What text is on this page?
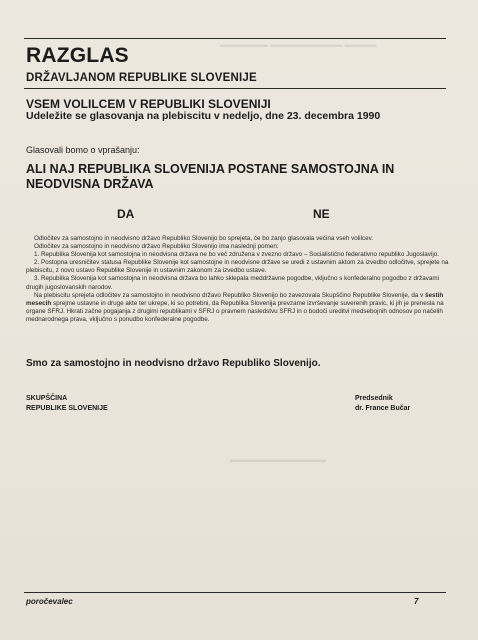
▬▬▬▬ ▬▬▬▬▬▬▬▬▬ ▬▬▬▬▬▬
▬▬▬▬▬▬▬▬▬▬▬▬
RAZGLAS
DRŽAVLJANOM REPUBLIKE SLOVENIJE
VSEM VOLILCEM V REPUBLIKI SLOVENIJI
Udeležite se glasovanja na plebiscitu v nedeljo, dne 23. decembra 1990
Glasovali bomo o vprašanju:
ALI NAJ REPUBLIKA SLOVENIJA POSTANE SAMOSTOJNA IN NEODVISNA DRŽAVA
DA	NE

Odločitev za samostojno in neodvisno državo Republiko Slovenijo bo sprejeta, če bo zanjo glasovala večina vseh volilcev.

Odločitev za samostojno in neodvisno državo Republiko Slovenijo ima naslednji pomen:

1. Republika Slovenija kot samostojna in neodvisna država ne bo več združena v zvezno državo – Socialistično federativno republiko Jugoslavijo.

2. Postopna uresničitev statusa Republike Slovenije kot samostojne in neodvisne države se uredi z ustavnim aktom za izvedbo odločitve, sprejete na plebiscitu, z novo ustavo Republike Slovenije in ustavnim zakonom za izvedbo ustave.

3. Republika Slovenija kot samostojna in neodvisna država bo lahko sklepala meddržavne pogodbe, vključno s konfederalno pogodbo z državami drugih jugoslovanskih narodov.

Na plebiscitu sprejeta odločitev za samostojno in neodvisno državo Republiko Slovenijo bo zavezovala Skupščino Republike Slovenije, da v šestih mesecih sprejme ustavne in druge akte ter ukrepe, ki so potrebni, da Republika Slovenija prevzame izvrševanje suverenih pravic, ki jih je prenesla na organe SFRJ. Hkrati začne pogajanja z drugimi republikami v SFRJ o pravnem nasledstvu SFRJ in o bodoči ureditvi medsebojnih odnosov po načelih mednarodnega prava, vključno s ponudbo konfederalne pogodbe.

Smo za samostojno in neodvisno državo Republiko Slovenijo.
SKUPŠČINA
REPUBLIKE SLOVENIJE
Predsednik
dr. France Bučar
poročevalec	7
